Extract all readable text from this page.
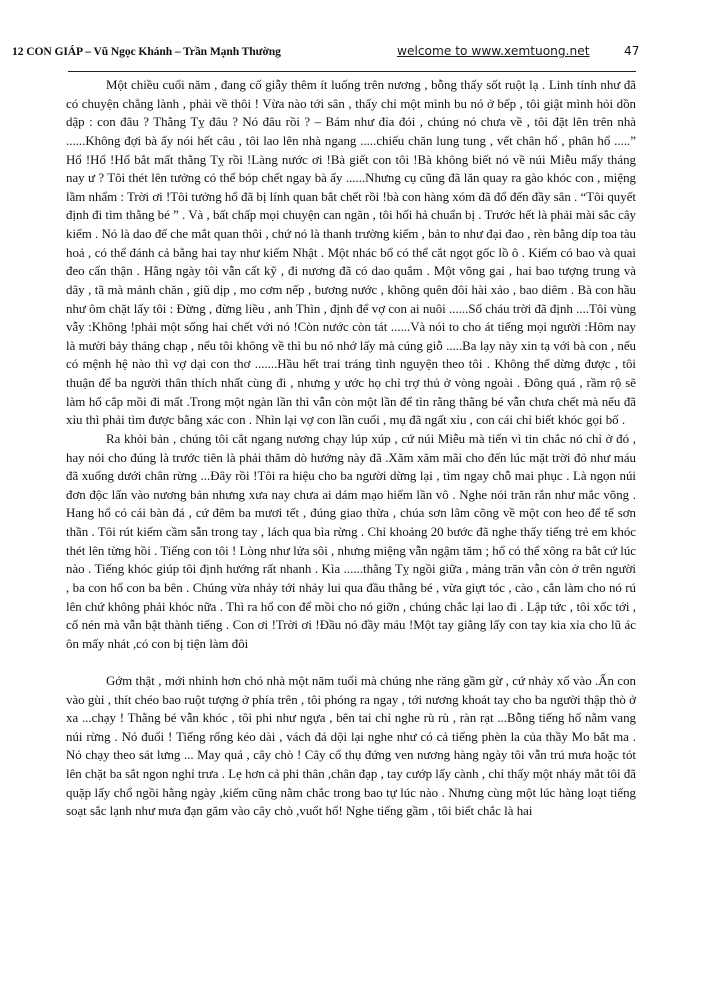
12 CON GIÁP – Vũ Ngọc Khánh – Trần Mạnh Thường	welcome to www.xemtuong.net	47

Một chiều cuối năm , đang cố giẫy thêm ít luống trên nương , bỗng thấy sốt ruột lạ . Linh tính như đã có chuyện chẳng lành , phải về thôi ! Vừa nào tới sân , thấy chỉ một mình bu nó ở bếp , tôi giật mình hỏi dồn dập : con đâu ? Thằng Tỵ đâu ? Nó đâu rồi ? – Bám như đỉa đói , chúng nó chưa về , tôi đặt lên trên nhà ......Không đợi bà ấy nói hết câu , tôi lao lên nhà ngang .....chiếu chăn lung tung , vết chân hổ , phân hổ .....” Hổ !Hổ !Hổ bắt mất thằng Tỵ rồi !Làng nước ơi !Bà giết con tôi !Bà không biết nó về núi Miễu mấy tháng nay ư ? Tôi thét lên tưởng có thể bóp chết ngay bà ấy ......Nhưng cụ cũng đã lăn quay ra gào khóc con , miệng lầm nhẩm : Trời ơi !Tôi tưởng hổ đã bị lính quan bắt chết rồi !bà con hàng xóm đã đổ đến đầy sân . “Tôi quyết định đi tìm thằng bé ” . Và , bất chấp mọi chuyện can ngăn , tôi hối hả chuẩn bị . Trước hết là phải mài sắc cây kiếm . Nó là dao để che mắt quan thôi , chứ nó là thanh trường kiếm , bản to như đại đao , rèn bằng díp toa tàu hoả , có thể đánh cả bằng hai tay như kiếm Nhật . Một nhác bổ có thể cắt ngọt gốc lồ ô . Kiếm có bao và quai đeo cẩn thận . Hằng ngày tôi vẫn cất kỹ , đi nương đã có dao quắm . Một võng gai , hai bao tượng trung và dây , tã mà mảnh chăn , giũ dịp , mo cơm nếp , bương nước , không quên đôi hài xảo , bao diêm . Bà con hầu như ôm chặt lấy tôi : Đừng , đừng liều , anh Thìn , định để vợ con ai nuôi ......Số cháu trời đã định ....Tôi vùng vẫy :Không !phải một sống hai chết với nó !Còn nước còn tát ......Và nói to cho át tiếng mọi người :Hôm nay là mười bảy tháng chạp , nếu tôi không về thì bu nó nhớ lấy mà cúng giỗ .....Ba lạy này xin tạ với bà con , nếu có mệnh hệ nào thì vợ dại con thơ .......Hầu hết trai tráng tình nguyện theo tôi . Không thể dừng được , tôi thuận để ba người thân thích nhất cùng đi , nhưng y ước họ chỉ trợ thủ ở vòng ngoài . Đông quá , rầm rộ sẽ làm hổ cắp mồi đi mất .Trong một ngàn lần thì vẫn còn một lần để tìn rằng thằng bé vẫn chưa chết mà nếu đã xỉu thì phải tìm được bằng xác con . Nhìn lại vợ con lần cuối , mụ đã ngất xỉu , con cái chỉ biết khóc gọi bố .

Ra khỏi bản , chúng tôi cắt ngang nương chạy lúp xúp , cứ núi Miễu mà tiến vì tin chắc nó chỉ ở đó , hay nói cho đúng là trước tiên là phải thăm dò hướng này đã .Xăm xăm mãi cho đến lúc mặt trời đỏ như máu đã xuống dưới chân rừng ...Đây rồi !Tôi ra hiệu cho ba người dừng lại , tìm ngay chỗ mai phục . Là ngọn núi đơn độc lấn vào nương bản nhưng xưa nay chưa ai dám mạo hiểm lần vô . Nghe nói trăn rắn như mắc võng . Hang hổ có cái bàn đá , cứ đêm ba mươi tết , đúng giao thừa , chúa sơn lâm cõng về một con heo để tế sơn thần . Tôi rút kiếm cầm sẵn trong tay , lách qua bìa rừng . Chỉ khoảng 20 bước đã nghe thấy tiếng trẻ em khóc thét lên từng hồi . Tiếng con tôi ! Lòng như lửa sôi , nhưng miệng vẫn ngậm tăm ; hổ có thể xông ra bắt cứ lúc nào . Tiếng khóc giúp tôi định hướng rất nhanh . Kìa ......thằng Tỵ ngồi giữa , mảng trăn vẫn còn ở trên người , ba con hổ con ba bên . Chúng vừa nhảy tới nhảy lui qua đầu thằng bé , vừa giựt tóc , cào , cắn làm cho nó rú lên chứ không phải khóc nữa . Thì ra hổ con để mồi cho nó giỡn , chúng chắc lại lao đi . Lập tức , tôi xốc tới , cố nén mà vẫn bật thành tiếng . Con ơi !Trời ơi !Đầu nó đầy máu !Một tay giằng lấy con tay kia xỉa cho lũ ác ôn mấy nhát ,có con bị tiện làm đôi

Gớm thật , mới nhỉnh hơn chó nhà một năm tuổi mà chúng nhe răng gầm gừ , cứ nhảy xổ vào .Ấn con vào gùi , thít chéo bao ruột tượng ở phía trên , tôi phóng ra ngay , tới nương khoát tay cho ba người thập thò ở xa ...chạy ! Thằng bé vẫn khóc , tôi phi như ngựa , bên tai chỉ nghe rù rù , ràn rạt ...Bỗng tiếng hổ nằm vang núi rừng . Nó đuổi ! Tiếng rống kéo dài , vách đá dội lại nghe như có cả tiếng phèn la của thầy Mo bắt ma . Nó chạy theo sát lưng ... May quá , cây chò ! Cây cổ thụ đứng ven nương hàng ngày tôi vẫn trú mưa hoặc tót lên chặt ba sắt ngon nghỉ trưa . Lẹ hơn cả phi thân ,chân đạp , tay cướp lấy cành , chỉ thấy một nháy mắt tôi đã quặp lấy chổ ngồi hằng ngày ,kiếm cũng nằm chắc trong bao tự lúc nào . Nhưng cùng một lúc hàng loạt tiếng soạt sắc lạnh như mưa đạn găm vào cây chò ,vuốt hổ! Nghe tiếng gầm , tôi biết chắc là hai
